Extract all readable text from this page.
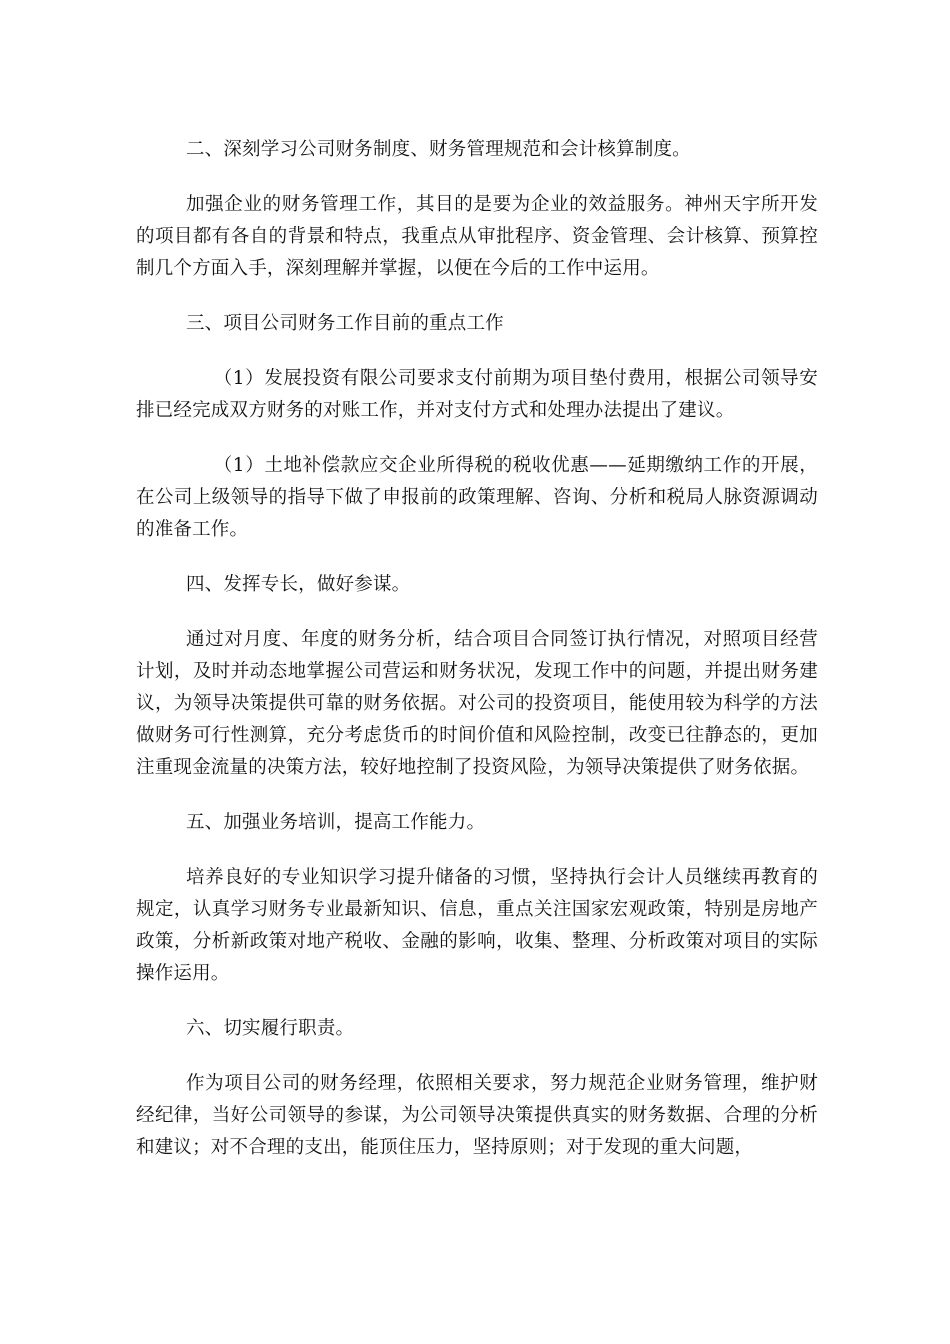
二、深刻学习公司财务制度、财务管理规范和会计核算制度。

加强企业的财务管理工作，其目的是要为企业的效益服务。神州天宇所开发的项目都有各自的背景和特点，我重点从审批程序、资金管理、会计核算、预算控制几个方面入手，深刻理解并掌握，以便在今后的工作中运用。

三、项目公司财务工作目前的重点工作

（1）发展投资有限公司要求支付前期为项目垫付费用，根据公司领导安排已经完成双方财务的对账工作，并对支付方式和处理办法提出了建议。

（1）土地补偿款应交企业所得税的税收优惠——延期缴纳工作的开展，在公司上级领导的指导下做了申报前的政策理解、咨询、分析和税局人脉资源调动的准备工作。

四、发挥专长，做好参谋。

通过对月度、年度的财务分析，结合项目合同签订执行情况，对照项目经营计划，及时并动态地掌握公司营运和财务状况，发现工作中的问题，并提出财务建议，为领导决策提供可靠的财务依据。对公司的投资项目，能使用较为科学的方法做财务可行性测算，充分考虑货币的时间价值和风险控制，改变已往静态的，更加注重现金流量的决策方法，较好地控制了投资风险，为领导决策提供了财务依据。

五、加强业务培训，提高工作能力。

培养良好的专业知识学习提升储备的习惯，坚持执行会计人员继续再教育的规定，认真学习财务专业最新知识、信息，重点关注国家宏观政策，特别是房地产政策，分析新政策对地产税收、金融的影响，收集、整理、分析政策对项目的实际操作运用。

六、切实履行职责。

作为项目公司的财务经理，依照相关要求，努力规范企业财务管理，维护财经纪律，当好公司领导的参谋，为公司领导决策提供真实的财务数据、合理的分析和建议；对不合理的支出，能顶住压力，坚持原则；对于发现的重大问题，
